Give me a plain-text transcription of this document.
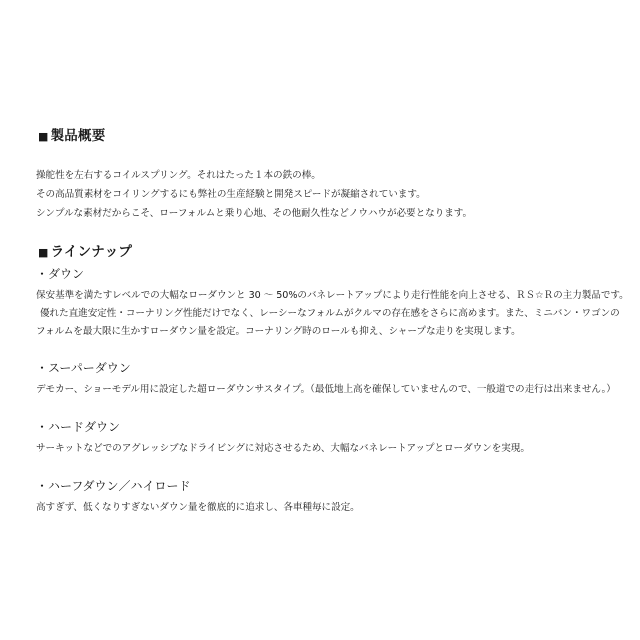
■ 製品概要
操舵性を左右するコイルスプリング。それはたった１本の鉄の棒。
その高品質素材をコイリングするにも弊社の生産経験と開発スピードが凝縮されています。
シンプルな素材だからこそ、ローフォルムと乗り心地、その他耐久性などノウハウが必要となります。
■ ラインナップ
・ダウン
保安基準を満たすレベルでの大幅なローダウンと 30 ～ 50%のバネレートアップにより走行性能を向上させる、ＲＳ☆Ｒの主力製品です。
優れた直進安定性・コーナリング性能だけでなく、レーシーなフォルムがクルマの存在感をさらに高めます。また、ミニバン・ワゴンの
フォルムを最大限に生かすローダウン量を設定。コーナリング時のロールも抑え、シャープな走りを実現します。
・スーパーダウン
デモカー、ショーモデル用に設定した超ローダウンサスタイプ。（最低地上高を確保していませんので、一般道での走行は出来ません。）
・ハードダウン
サーキットなどでのアグレッシブなドライビングに対応させるため、大幅なバネレートアップとローダウンを実現。
・ハーフダウン／ハイロード
高すぎず、低くなりすぎないダウン量を徹底的に追求し、各車種毎に設定。
